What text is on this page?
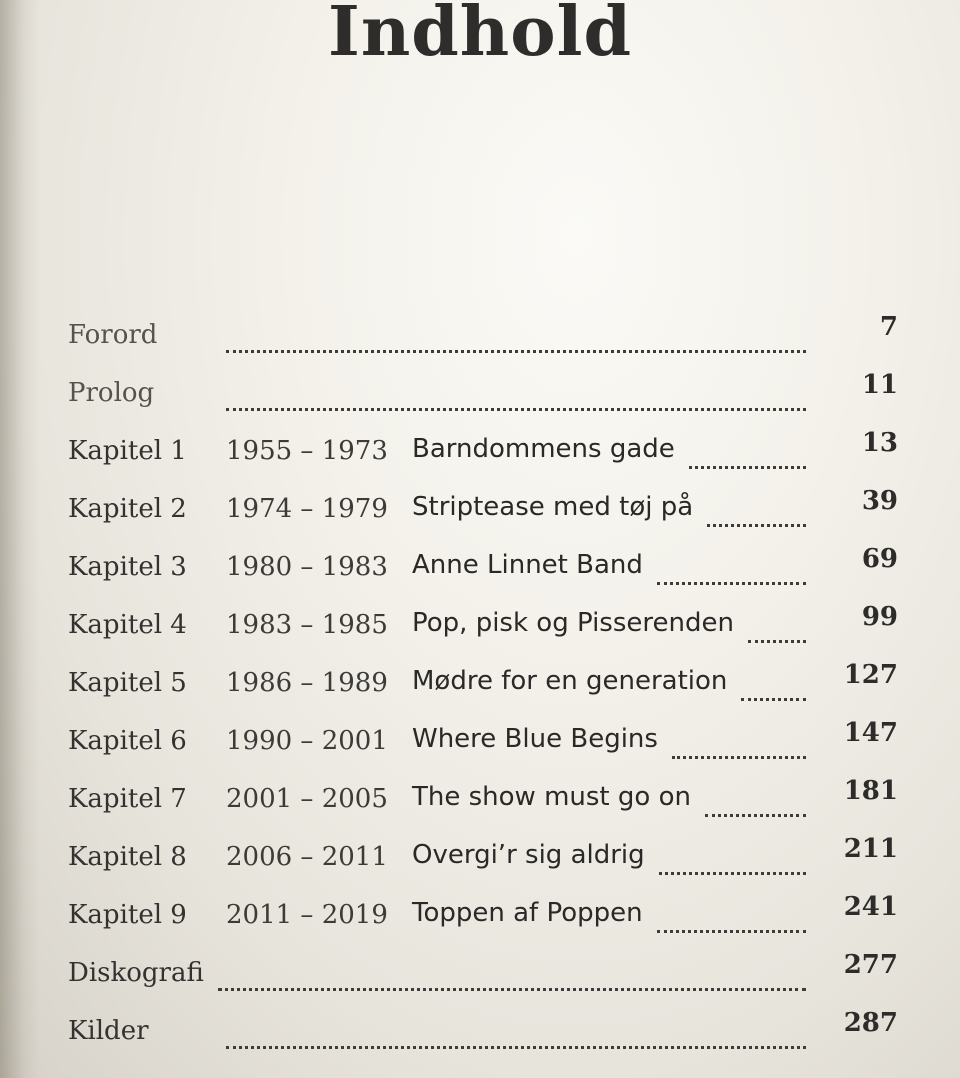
Indhold
Forord	7
Prolog	11
Kapitel 1 1955 – 1973 Barndommens gade	13
Kapitel 2 1974 – 1979 Striptease med tøj på	39
Kapitel 3 1980 – 1983 Anne Linnet Band	69
Kapitel 4 1983 – 1985 Pop, pisk og Pisserenden	99
Kapitel 5 1986 – 1989 Mødre for en generation	127
Kapitel 6 1990 – 2001 Where Blue Begins	147
Kapitel 7 2001 – 2005 The show must go on	181
Kapitel 8 2006 – 2011 Overgi’r sig aldrig	211
Kapitel 9 2011 – 2019 Toppen af Poppen	241
Diskografi	277
Kilder	287
